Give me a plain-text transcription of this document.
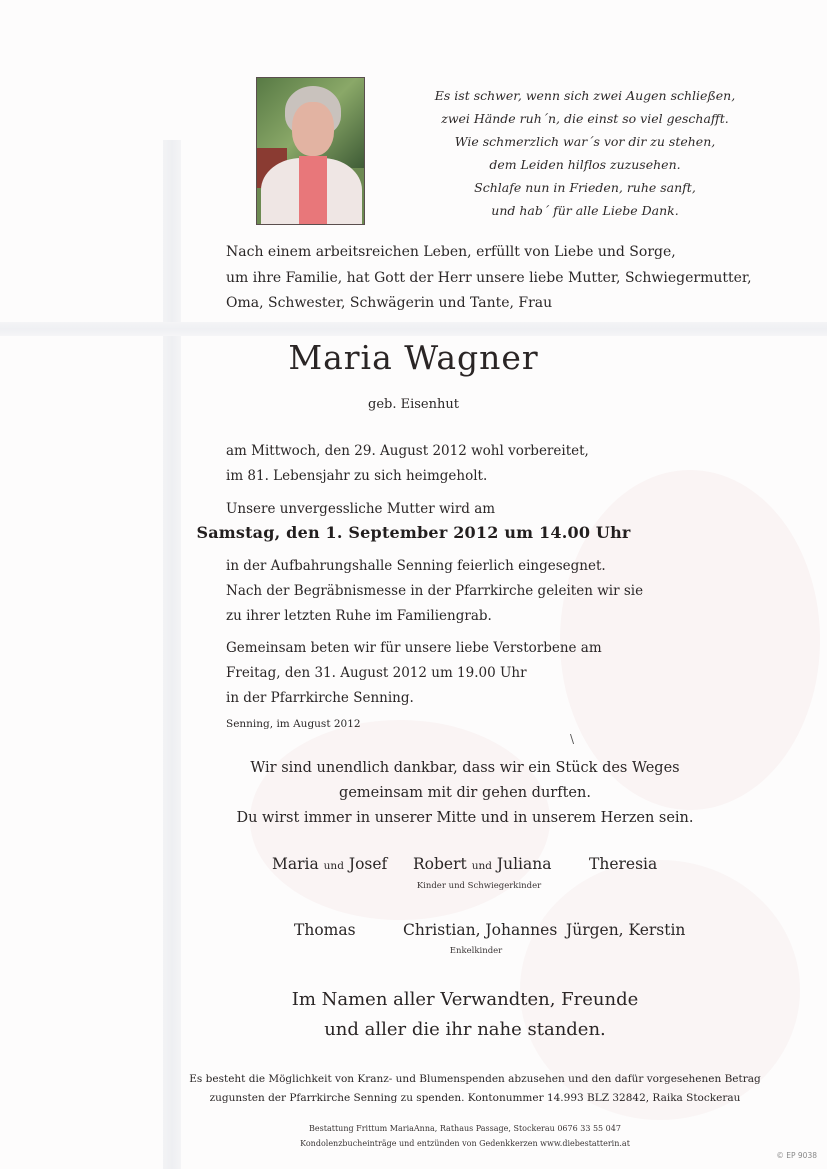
Es ist schwer, wenn sich zwei Augen schließen,
zwei Hände ruh´n, die einst so viel geschafft.
Wie schmerzlich war´s vor dir zu stehen,
dem Leiden hilflos zuzusehen.
Schlafe nun in Frieden, ruhe sanft,
und hab´ für alle Liebe Dank.
Nach einem arbeitsreichen Leben, erfüllt von Liebe und Sorge,
um ihre Familie, hat Gott der Herr unsere liebe Mutter, Schwiegermutter,
Oma, Schwester, Schwägerin und Tante, Frau
Maria Wagner
geb. Eisenhut
am Mittwoch, den 29. August 2012 wohl vorbereitet,
im 81. Lebensjahr zu sich heimgeholt.
Unsere unvergessliche Mutter wird am
Samstag, den 1. September 2012 um 14.00 Uhr
in der Aufbahrungshalle Senning feierlich eingesegnet.
Nach der Begräbnismesse in der Pfarrkirche geleiten wir sie
zu ihrer letzten Ruhe im Familiengrab.
Gemeinsam beten wir für unsere liebe Verstorbene am
Freitag, den 31. August 2012 um 19.00 Uhr
in der Pfarrkirche Senning.
Senning, im August 2012
\
Wir sind unendlich dankbar, dass wir ein Stück des Weges
gemeinsam mit dir gehen durften.
Du wirst immer in unserer Mitte und in unserem Herzen sein.
Maria und Josef Robert und Juliana Theresia
Kinder und Schwiegerkinder
Thomas	Christian, Johannes Jürgen, Kerstin
Enkelkinder
Im Namen aller Verwandten, Freunde
und aller die ihr nahe standen.
Es besteht die Möglichkeit von Kranz- und Blumenspenden abzusehen und den dafür vorgesehenen Betrag
zugunsten der Pfarrkirche Senning zu spenden. Kontonummer 14.993 BLZ 32842, Raika Stockerau
Bestattung Frittum MariaAnna, Rathaus Passage, Stockerau 0676 33 55 047
Kondolenzbucheinträge und entzünden von Gedenkkerzen www.diebestatterin.at
© EP 9038
